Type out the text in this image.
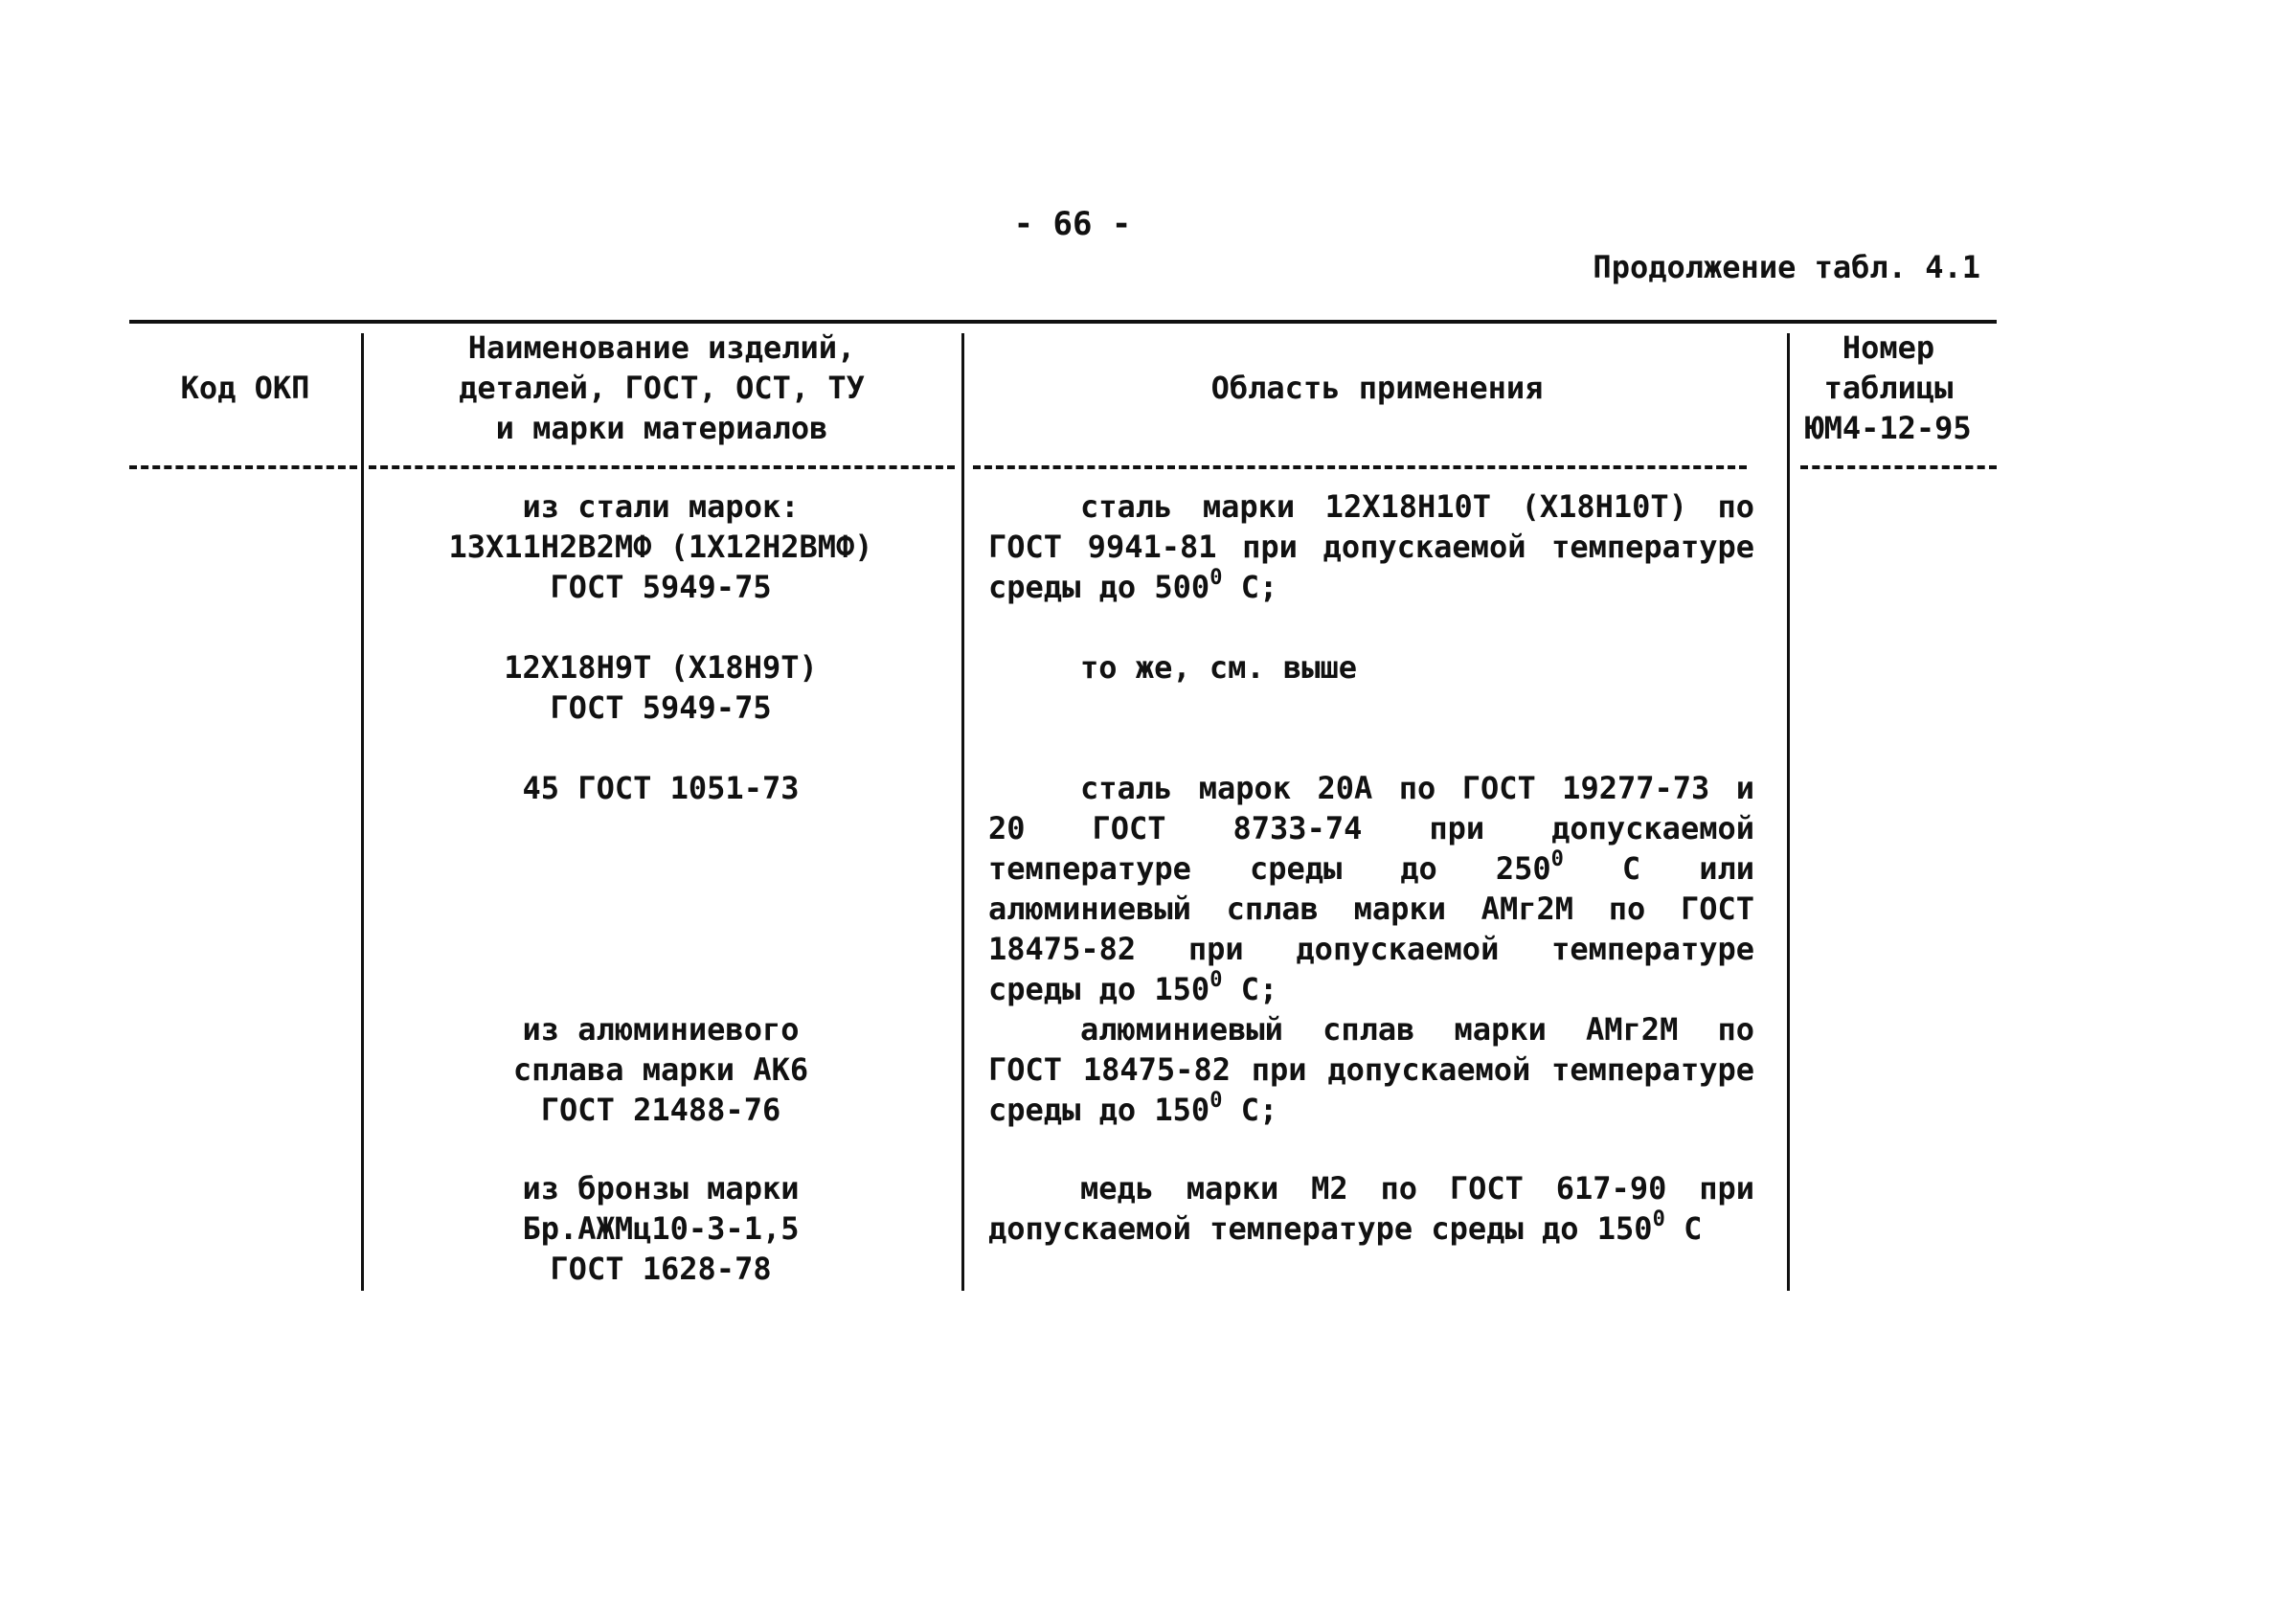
- 66 -
Продолжение табл. 4.1
Код ОКП
Наименование изделий,
деталей, ГОСТ, ОСТ, ТУ
и марки материалов
Область применения
Номер
таблицы
ЮМ4-12-95
из стали марок:
13Х11Н2В2МФ (1Х12Н2ВМФ)
ГОСТ 5949-75
сталь марки 12Х18Н10Т (Х18Н10Т) по ГОСТ 9941-81 при допускаемой температуре среды до $500^0$ С;
12Х18Н9Т (Х18Н9Т)
ГОСТ 5949-75
то же, см. выше
45 ГОСТ 1051-73	сталь марок 20А по ГОСТ 19277-73 и 20 ГОСТ 8733-74 при допускаемой температуре среды до $250^0$ С или алюминиевый сплав марки АМг2М по ГОСТ 18475-82 при допускаемой температуре среды до $150^0$ С;
из алюминиевого
сплава марки АК6
ГОСТ 21488-76
алюминиевый сплав марки АМг2М по ГОСТ 18475-82 при допускаемой температуре среды до $150^0$ С;
из бронзы марки
Бр.АЖМц10-3-1,5
ГОСТ 1628-78
медь марки М2 по ГОСТ 617-90 при допускаемой температуре среды до $150^0$ С
